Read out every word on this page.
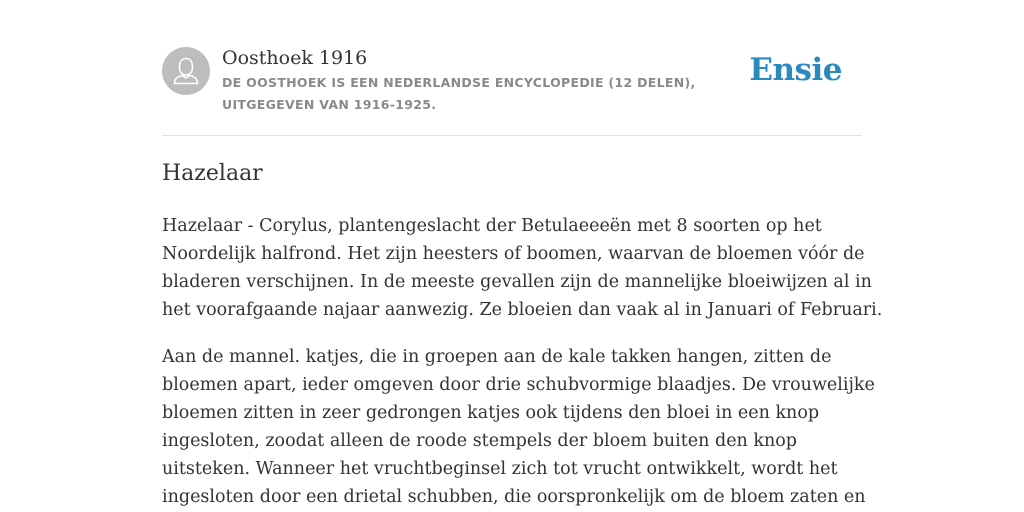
Oosthoek 1916
DE OOSTHOEK IS EEN NEDERLANDSE ENCYCLOPEDIE (12 DELEN), UITGEGEVEN VAN 1916-1925.
Ensie
Hazelaar

Hazelaar - Corylus, plantengeslacht der Betulaeeeën met 8 soorten op het
Noordelijk halfrond. Het zijn heesters of boomen, waarvan de bloemen vóór de
bladeren verschijnen. In de meeste gevallen zijn de mannelijke bloeiwijzen al in
het voorafgaande najaar aanwezig. Ze bloeien dan vaak al in Januari of Februari.

Aan de mannel. katjes, die in groepen aan de kale takken hangen, zitten de
bloemen apart, ieder omgeven door drie schubvormige blaadjes. De vrouwelijke
bloemen zitten in zeer gedrongen katjes ook tijdens den bloei in een knop
ingesloten, zoodat alleen de roode stempels der bloem buiten den knop
uitsteken. Wanneer het vruchtbeginsel zich tot vrucht ontwikkelt, wordt het
ingesloten door een drietal schubben, die oorspronkelijk om de bloem zaten en
